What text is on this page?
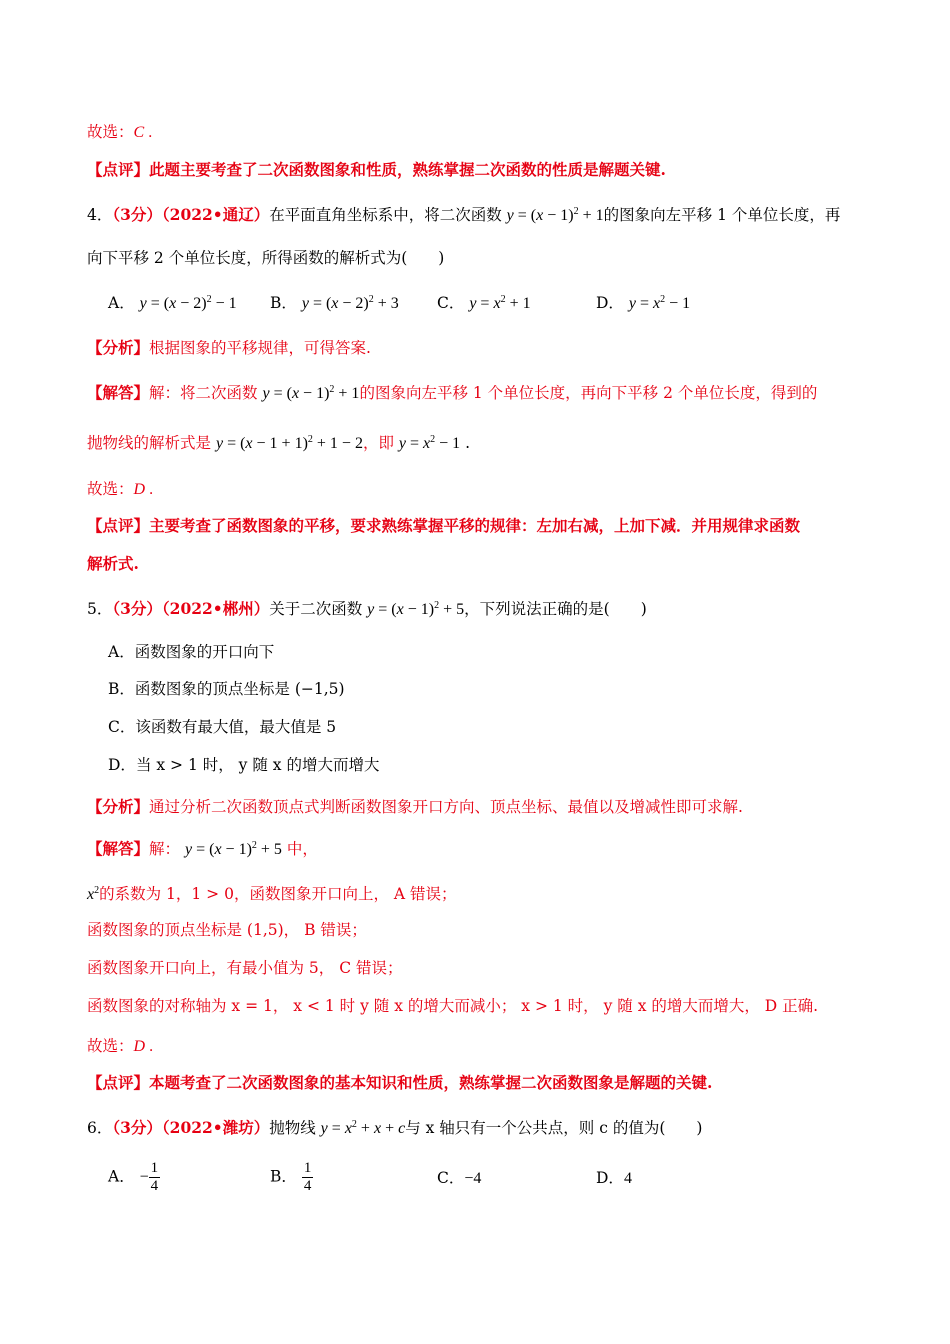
故选：C .
【点评】此题主要考查了二次函数图象和性质，熟练掌握二次函数的性质是解题关键.
4．（3分）（2022•通辽）在平面直角坐标系中，将二次函数 $y = (x - 1)^2 + 1$的图象向左平移 1 个单位长度，再
向下平移 2 个单位长度，所得函数的解析式为(　　)
A． $y = (x - 2)^2 - 1$ B． $y = (x - 2)^2 + 3$ C． $y = x^2 + 1$	D． $y = x^2 - 1$
【分析】根据图象的平移规律，可得答案.
【解答】解：将二次函数 $y = (x - 1)^2 + 1$的图象向左平移 1 个单位长度，再向下平移 2 个单位长度，得到的
抛物线的解析式是 $y = (x - 1 + 1)^2 + 1 - 2$，即 $y = x^2 - 1$ .
故选：D .
【点评】主要考查了函数图象的平移，要求熟练掌握平移的规律：左加右减，上加下减．并用规律求函数
解析式.
5．（3分）（2022•郴州）关于二次函数 $y = (x - 1)^2 + 5$，下列说法正确的是(　　)
A．函数图象的开口向下
B．函数图象的顶点坐标是 (−1,5)
C．该函数有最大值，最大值是 5
D．当 x > 1 时， y 随 x 的增大而增大
【分析】通过分析二次函数顶点式判断函数图象开口方向、顶点坐标、最值以及增减性即可求解.
【解答】解： $y = (x - 1)^2 + 5$ 中，
$x^2$的系数为 1，1 > 0，函数图象开口向上， A 错误；
函数图象的顶点坐标是 (1,5)， B 错误；
函数图象开口向上，有最小值为 5， C 错误；
函数图象的对称轴为 x = 1， x < 1 时 y 随 x 的增大而减小； x > 1 时， y 随 x 的增大而增大， D 正确.
故选：D .
【点评】本题考查了二次函数图象的基本知识和性质，熟练掌握二次函数图象是解题的关键.
6．（3分）（2022•潍坊）抛物线 $y = x^2 + x + c$与 x 轴只有一个公共点，则 c 的值为(　　)
A． − $\frac{1}{4}$	B． $\frac{1}{4}$	C．−4	D．4
